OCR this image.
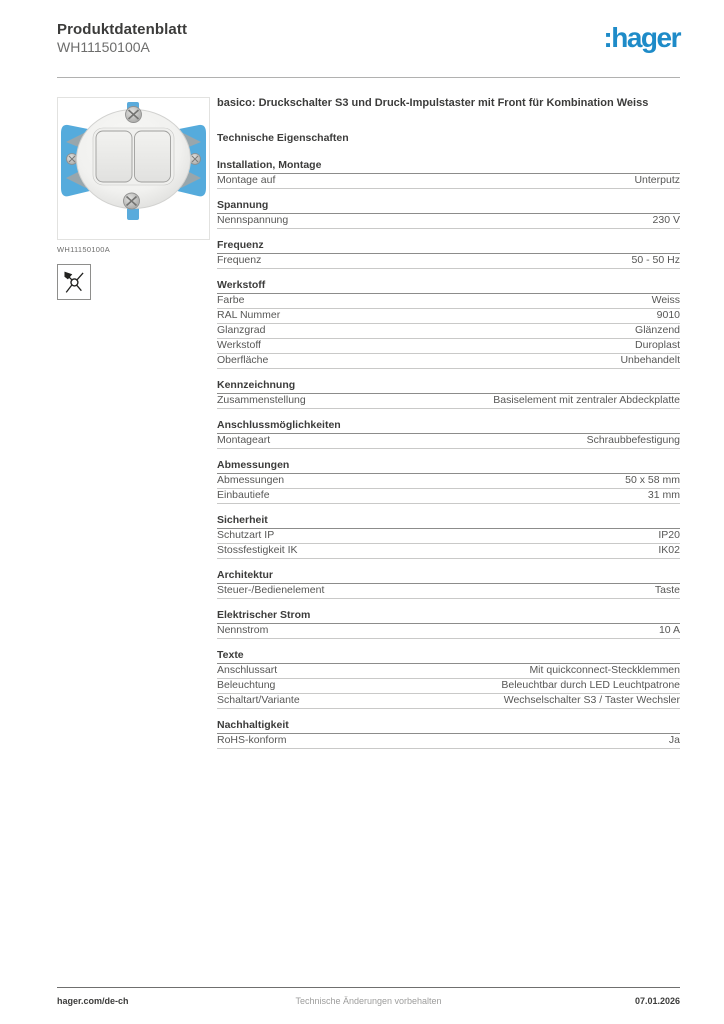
Produktdatenblatt
WH11150100A	:hager
WH11150100A
basico: Druckschalter S3 und Druck-Impulstaster mit Front für Kombination Weiss
Technische Eigenschaften
Installation, Montage
Montage auf	Unterputz
Spannung
Nennspannung	230 V
Frequenz
Frequenz	50 - 50 Hz
Werkstoff
Farbe	Weiss
RAL Nummer	9010
Glanzgrad	Glänzend
Werkstoff	Duroplast
Oberfläche	Unbehandelt
Kennzeichnung
Zusammenstellung	Basiselement mit zentraler Abdeckplatte
Anschlussmöglichkeiten
Montageart	Schraubbefestigung
Abmessungen
Abmessungen	50 x 58 mm
Einbautiefe	31 mm
Sicherheit
Schutzart IP	IP20
Stossfestigkeit IK	IK02
Architektur
Steuer-/Bedienelement	Taste
Elektrischer Strom
Nennstrom	10 A
Texte
Anschlussart	Mit quickconnect-Steckklemmen
Beleuchtung	Beleuchtbar durch LED Leuchtpatrone
Schaltart/Variante	Wechselschalter S3 / Taster Wechsler
Nachhaltigkeit
RoHS-konform	Ja
hager.com/de-ch	Technische Änderungen vorbehalten	07.01.2026
